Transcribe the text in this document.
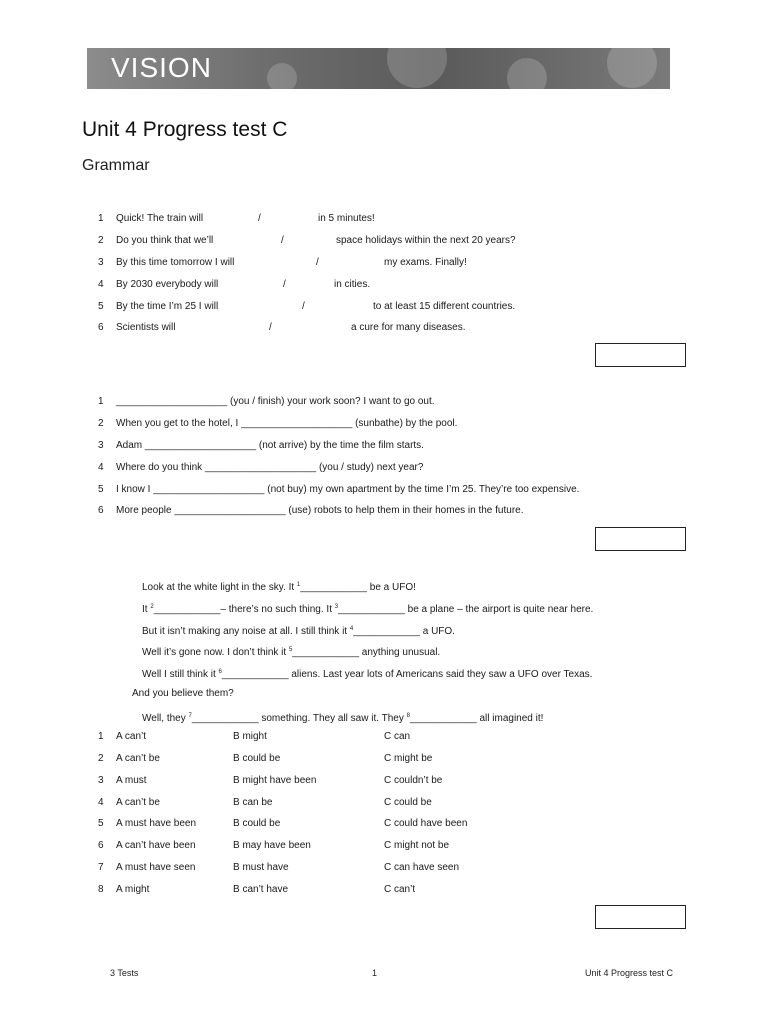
VISION
Unit 4 Progress test C
Grammar
1 Quick! The train will	/	in 5 minutes!
2 Do you think that we’ll	/	space holidays within the next 20 years?
3 By this time tomorrow I will	/	my exams. Finally!
4 By 2030 everybody will	/	in cities.
5 By the time I’m 25 I will	/	to at least 15 different countries.
6 Scientists will	/	a cure for many diseases.
1 ____________________ (you / finish) your work soon? I want to go out.
2 When you get to the hotel, I ____________________ (sunbathe) by the pool.
3 Adam ____________________ (not arrive) by the time the film starts.
4 Where do you think ____________________ (you / study) next year?
5 I know I ____________________ (not buy) my own apartment by the time I’m 25. They’re too expensive.
6 More people ____________________ (use) robots to help them in their homes in the future.
Look at the white light in the sky. It $^1$____________ be a UFO!
It $^2$____________– there’s no such thing. It $^3$____________ be a plane – the airport is quite near here.
But it isn’t making any noise at all. I still think it $^4$____________ a UFO.
Well it’s gone now. I don’t think it $^5$____________ anything unusual.
Well I still think it $^6$____________ aliens. Last year lots of Americans said they saw a UFO over Texas.
And you believe them?
Well, they $^7$____________ something. They all saw it. They $^8$____________ all imagined it!
1 A can’t	B might	C can
2 A can’t be	B could be	C might be
3 A must	B might have been	C couldn’t be
4 A can’t be	B can be	C could be
5 A must have been	B could be	C could have been
6 A can’t have been	B may have been	C might not be
7 A must have seen	B must have	C can have seen
8 A might	B can’t have	C can’t
3 Tests	1	Unit 4 Progress test C
